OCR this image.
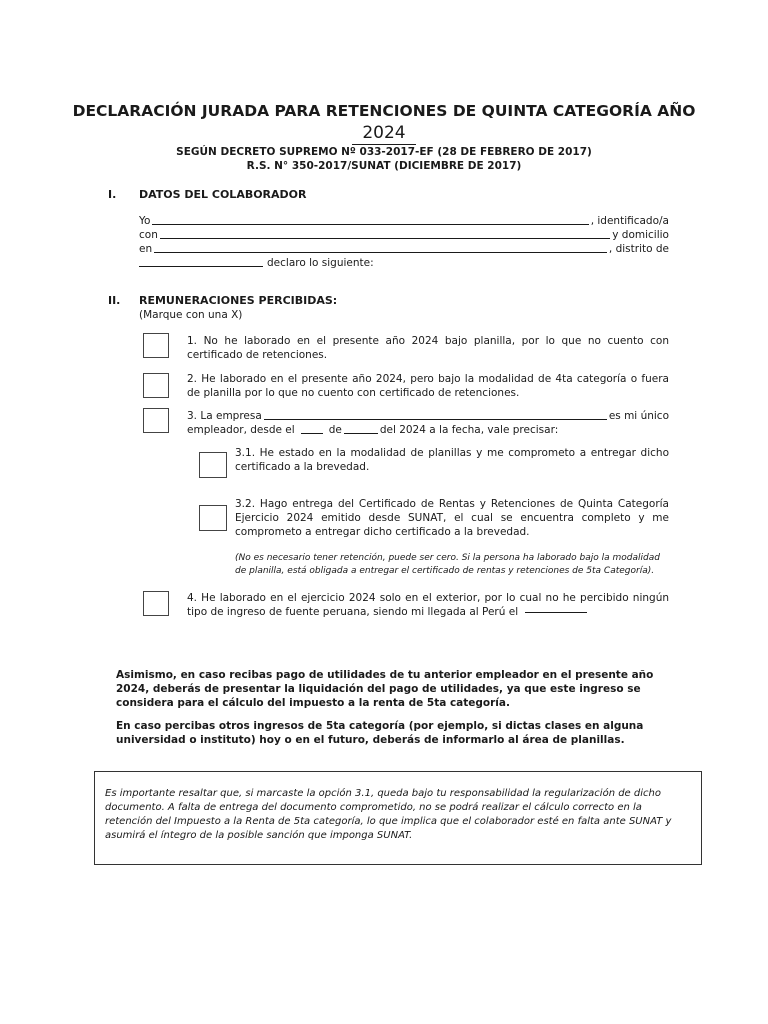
DECLARACIÓN JURADA PARA RETENCIONES DE QUINTA CATEGORÍA AÑO
2024
SEGÚN DECRETO SUPREMO Nº 033-2017-EF (28 DE FEBRERO DE 2017)
R.S. N° 350-2017/SUNAT (DICIEMBRE DE 2017)
I. DATOS DEL COLABORADOR
Yo	, identificado/a
con	y domicilio
en	, distrito de
declaro lo siguiente:
II. REMUNERACIONES PERCIBIDAS:
(Marque con una X)
1. No he laborado en el presente año 2024 bajo planilla, por lo que no cuento con certificado de retenciones.
2. He laborado en el presente año 2024, pero bajo la modalidad de 4ta categoría o fuera de planilla por lo que no cuento con certificado de retenciones.
3. La empresa	es mi único
empleador, desde el	de	del 2024 a la fecha, vale precisar:
3.1. He estado en la modalidad de planillas y me comprometo a entregar dicho certificado a la brevedad.
3.2. Hago entrega del Certificado de Rentas y Retenciones de Quinta Categoría Ejercicio 2024 emitido desde SUNAT, el cual se encuentra completo y me comprometo a entregar dicho certificado a la brevedad.
(No es necesario tener retención, puede ser cero. Si la persona ha laborado bajo la modalidad de planilla, está obligada a entregar el certificado de rentas y retenciones de 5ta Categoría).
4. He laborado en el ejercicio 2024 solo en el exterior, por lo cual no he percibido ningún tipo de ingreso de fuente peruana, siendo mi llegada al Perú el
Asimismo, en caso recibas pago de utilidades de tu anterior empleador en el presente año 2024, deberás de presentar la liquidación del pago de utilidades, ya que este ingreso se considera para el cálculo del impuesto a la renta de 5ta categoría.
En caso percibas otros ingresos de 5ta categoría (por ejemplo, si dictas clases en alguna universidad o instituto) hoy o en el futuro, deberás de informarlo al área de planillas.
Es importante resaltar que, si marcaste la opción 3.1, queda bajo tu responsabilidad la regularización de dicho documento. A falta de entrega del documento comprometido, no se podrá realizar el cálculo correcto en la retención del Impuesto a la Renta de 5ta categoría, lo que implica que el colaborador esté en falta ante SUNAT y asumirá el íntegro de la posible sanción que imponga SUNAT.
